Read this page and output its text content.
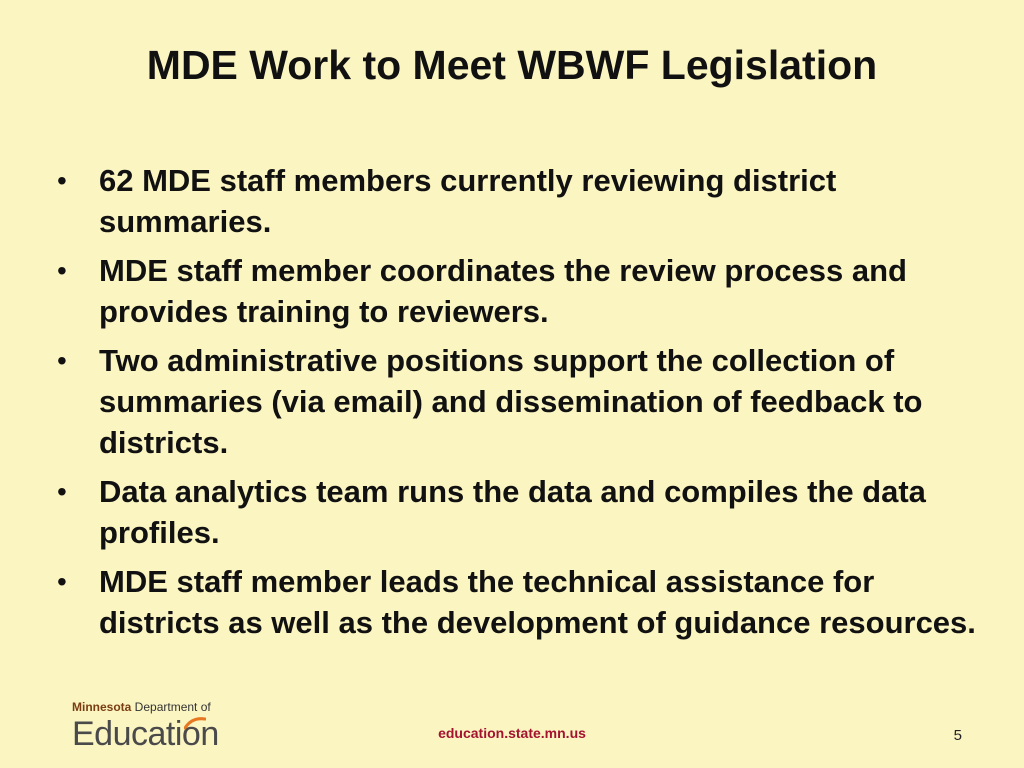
MDE Work to Meet WBWF Legislation
• 62 MDE staff members currently reviewing district summaries.
• MDE staff member coordinates the review process and provides training to reviewers.
• Two administrative positions support the collection of summaries (via email) and dissemination of feedback to districts.
• Data analytics team runs the data and compiles the data profiles.
• MDE staff member leads the technical assistance for districts as well as the development of guidance resources.
Minnesota Department of
Education	education.state.mn.us	5
